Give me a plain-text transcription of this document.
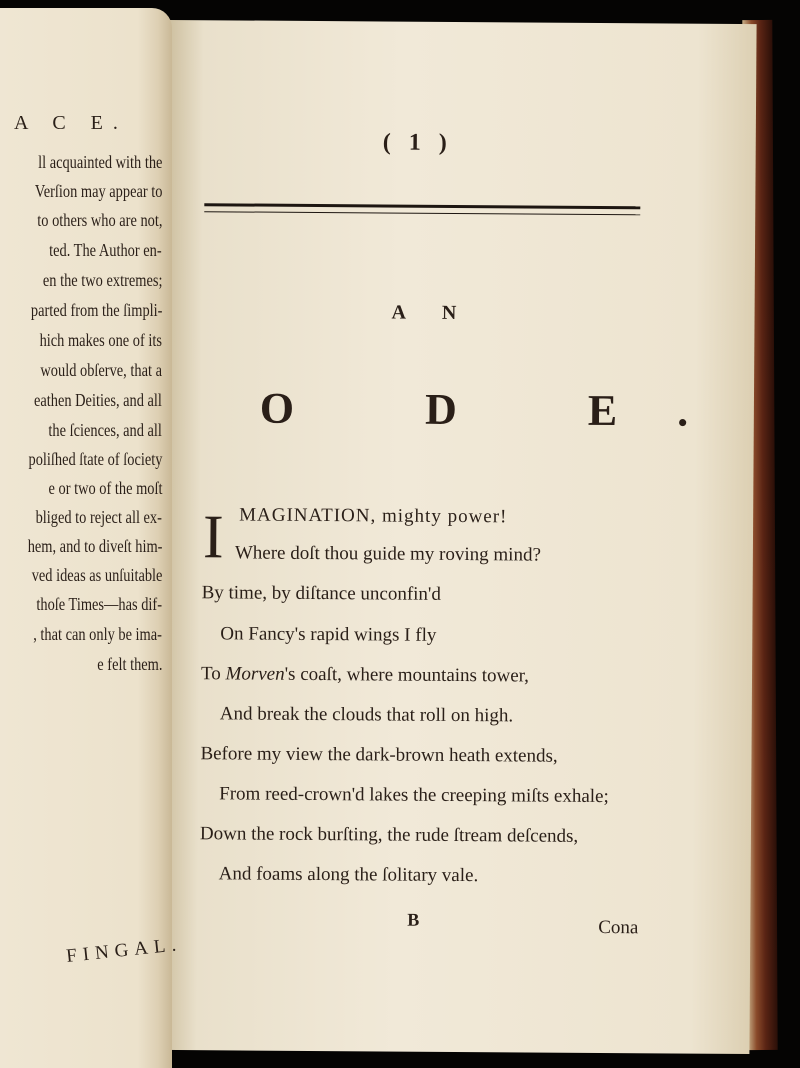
A C E.
ll acquainted with the
Verſion may appear to
to others who are not,
ted. The Author en-
en the two extremes;
parted from the ſimpli-
hich makes one of its
would obſerve, that a
eathen Deities, and all
the ſciences, and all
poliſhed ſtate of ſociety
e or two of the moſt
bliged to reject all ex-
hem, and to diveſt him-
ved ideas as unſuitable
thoſe Times—has dif-
, that can only be ima-
e felt them.
FINGAL.
( 1 )
A N
O D E.
I MAGINATION, mighty power!
Where doſt thou guide my roving mind?
By time, by diſtance unconfin'd
On Fancy's rapid wings I fly
To Morven's coaſt, where mountains tower,
And break the clouds that roll on high.
Before my view the dark-brown heath extends,
From reed-crown'd lakes the creeping miſts exhale;
Down the rock burſting, the rude ſtream deſcends,
And foams along the ſolitary vale.
B	Cona
